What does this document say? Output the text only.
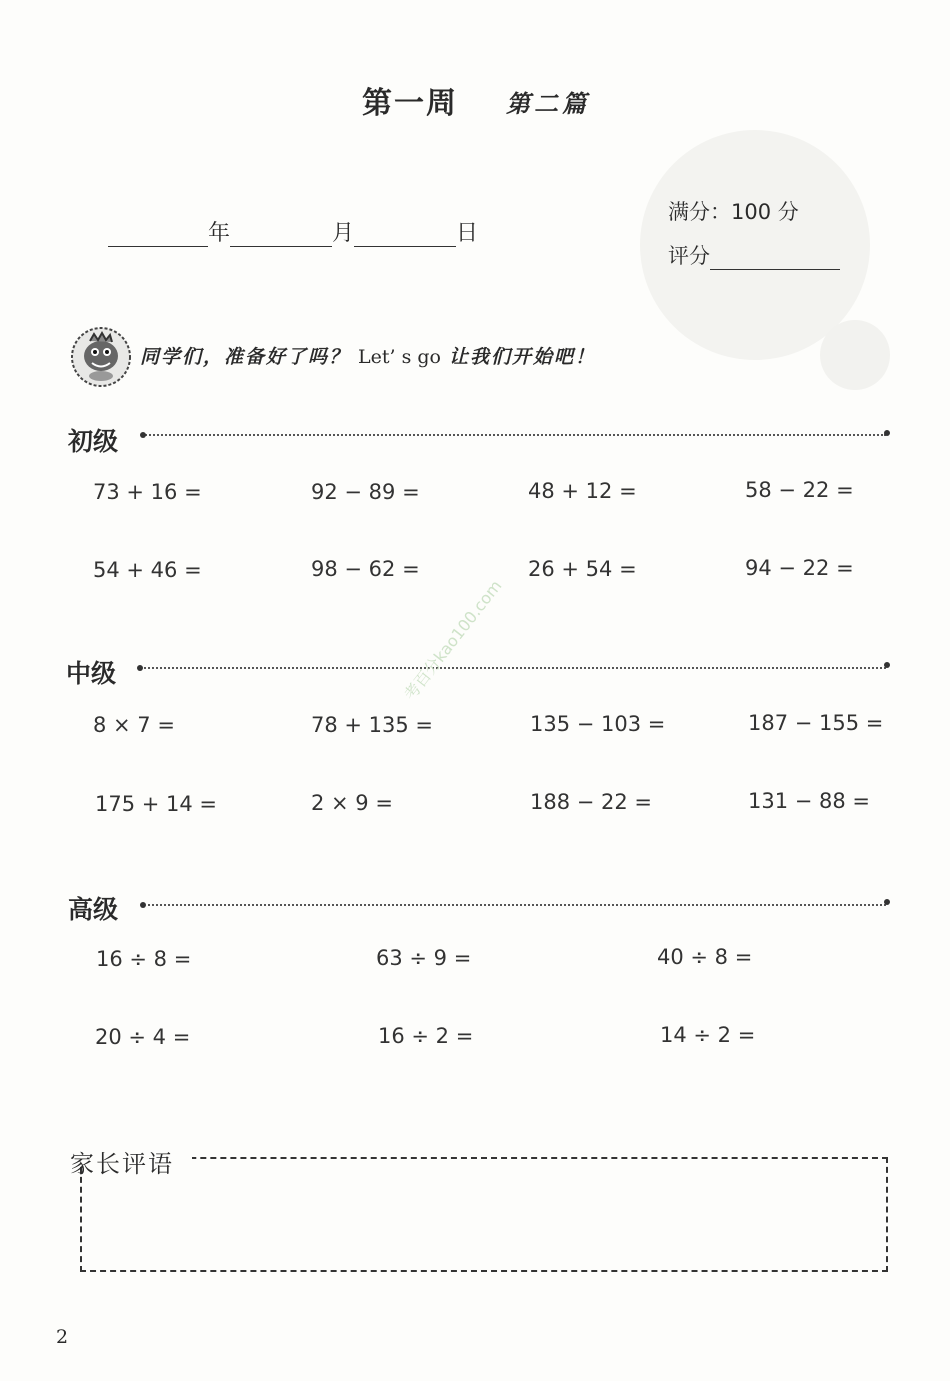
第一周 第二篇
年	月	日
满分：100 分
评分
同学们，准备好了吗？ Let’ s go 让我们开始吧！
初级
73 + 16 =	92 − 89 =	48 + 12 =	58 − 22 =
54 + 46 =	98 − 62 =	26 + 54 =	94 − 22 =
中级
8 × 7 =	78 + 135 =	135 − 103 =	187 − 155 =
175 + 14 =	2 × 9 =	188 − 22 =	131 − 88 =
高级
16 ÷ 8 =	63 ÷ 9 =	40 ÷ 8 =
20 ÷ 4 =	16 ÷ 2 =	14 ÷ 2 =
家长评语
考百分kao100.com
2
